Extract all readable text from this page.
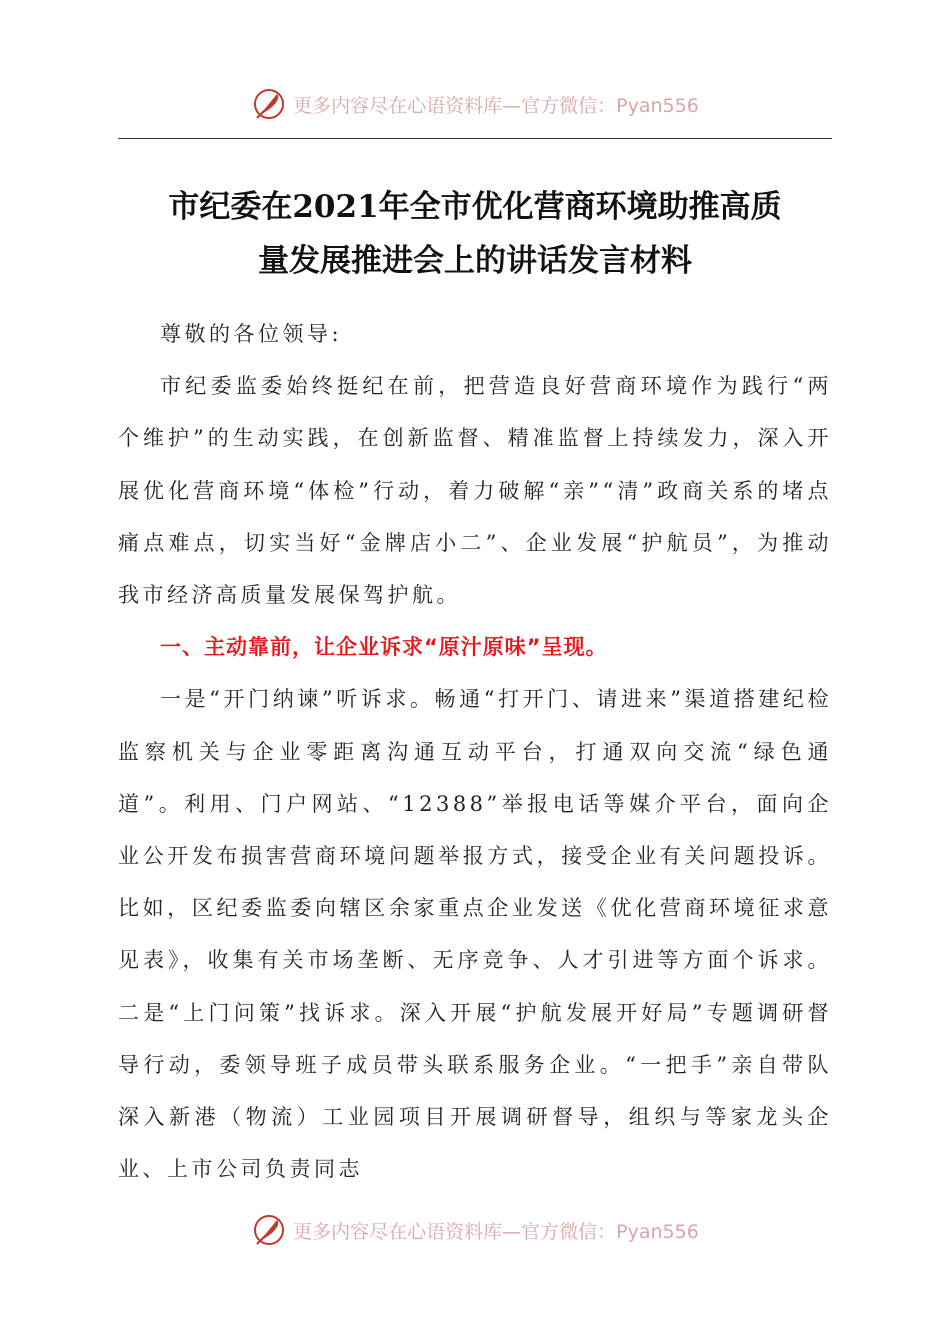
更多内容尽在心语资料库—官方微信：Pyan556
市纪委在2021年全市优化营商环境助推高质
量发展推进会上的讲话发言材料

尊敬的各位领导:

市纪委监委始终挺纪在前，把营造良好营商环境作为践行“两个维护”的生动实践，在创新监督、精准监督上持续发力，深入开展优化营商环境“体检”行动，着力破解“亲”“清”政商关系的堵点痛点难点，切实当好“金牌店小二”、企业发展“护航员”，为推动我市经济高质量发展保驾护航。

一、主动靠前，让企业诉求“原汁原味”呈现。

一是“开门纳谏”听诉求。畅通“打开门、请进来”渠道搭建纪检监察机关与企业零距离沟通互动平台，打通双向交流“绿色通道”。利用、门户网站、“12388”举报电话等媒介平台，面向企业公开发布损害营商环境问题举报方式，接受企业有关问题投诉。比如，区纪委监委向辖区余家重点企业发送《优化营商环境征求意见表》，收集有关市场垄断、无序竞争、人才引进等方面个诉求。二是“上门问策”找诉求。深入开展“护航发展开好局”专题调研督导行动，委领导班子成员带头联系服务企业。“一把手”亲自带队深入新港（物流）工业园项目开展调研督导，组织与等家龙头企业、上市公司负责同志

更多内容尽在心语资料库—官方微信：Pyan556
